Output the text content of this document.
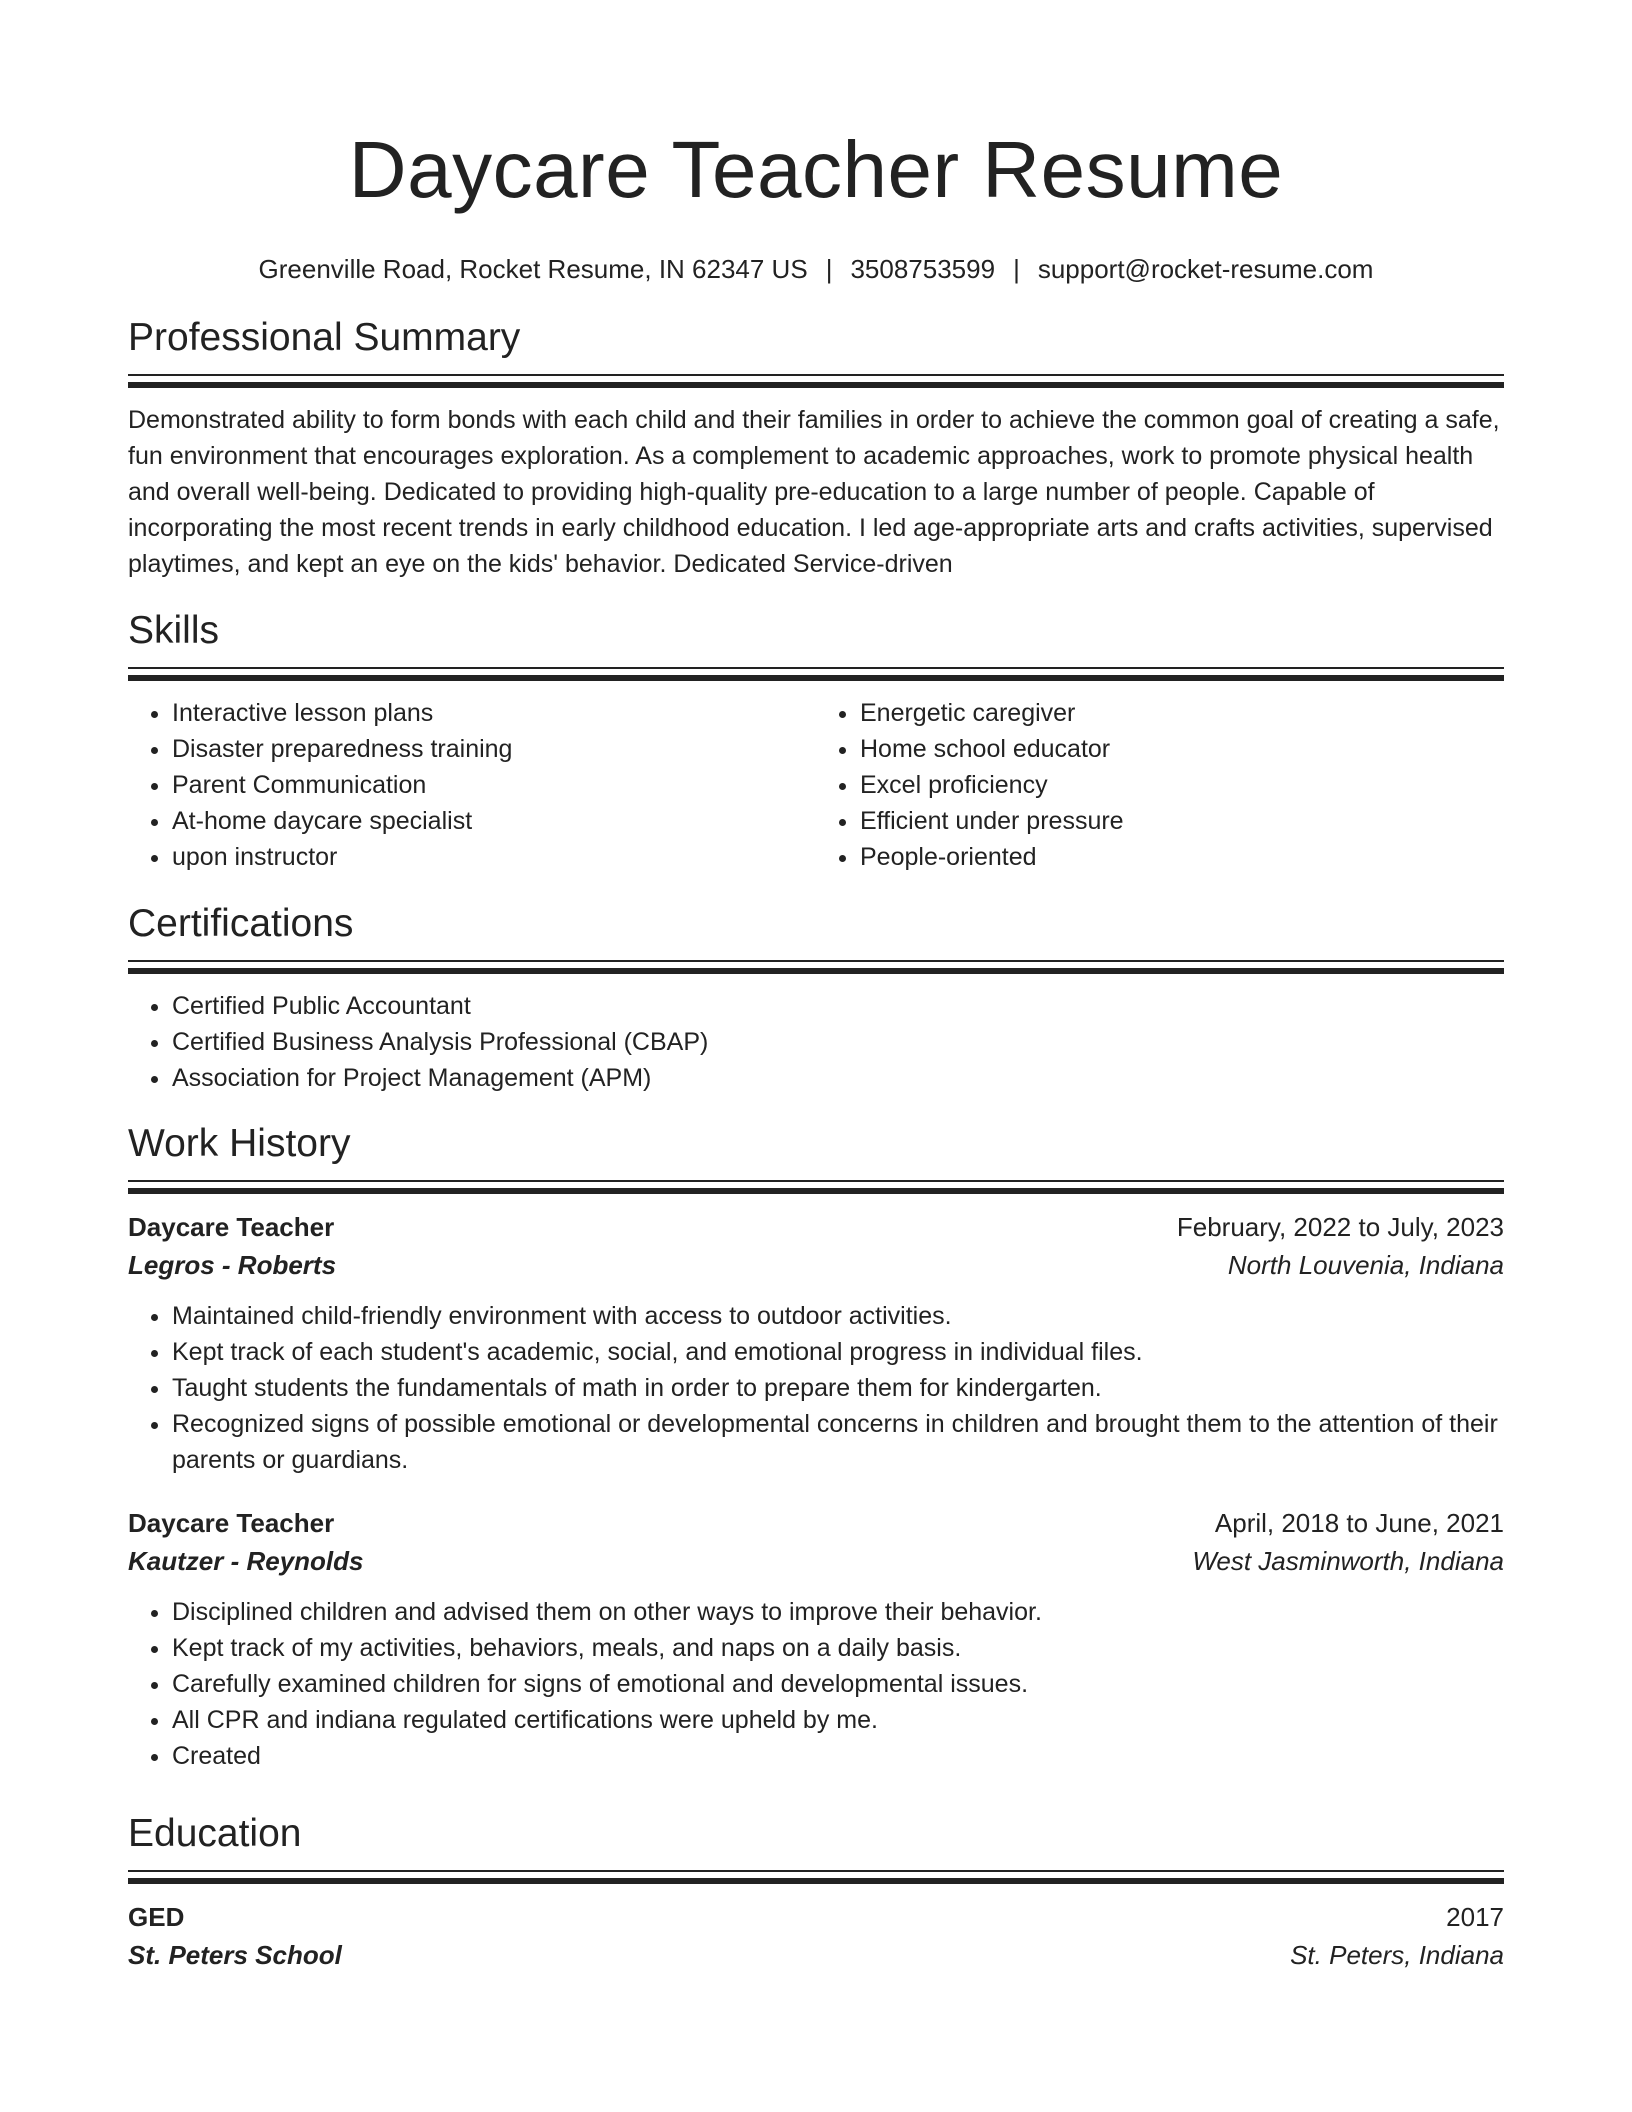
Daycare Teacher Resume
Greenville Road, Rocket Resume, IN 62347 US | 3508753599 | support@rocket-resume.com
Professional Summary
Demonstrated ability to form bonds with each child and their families in order to achieve the common goal of creating a safe, fun environment that encourages exploration. As a complement to academic approaches, work to promote physical health and overall well-being. Dedicated to providing high-quality pre-education to a large number of people. Capable of incorporating the most recent trends in early childhood education. I led age-appropriate arts and crafts activities, supervised playtimes, and kept an eye on the kids' behavior. Dedicated Service-driven
Skills
• Interactive lesson plans
• Disaster preparedness training
• Parent Communication
• At-home daycare specialist
• upon instructor
• Energetic caregiver
• Home school educator
• Excel proficiency
• Efficient under pressure
• People-oriented
Certifications
• Certified Public Accountant
• Certified Business Analysis Professional (CBAP)
• Association for Project Management (APM)
Work History
Daycare Teacher	February, 2022 to July, 2023
Legros - Roberts	North Louvenia, Indiana
• Maintained child-friendly environment with access to outdoor activities.
• Kept track of each student's academic, social, and emotional progress in individual files.
• Taught students the fundamentals of math in order to prepare them for kindergarten.
• Recognized signs of possible emotional or developmental concerns in children and brought them to the attention of their parents or guardians.
Daycare Teacher	April, 2018 to June, 2021
Kautzer - Reynolds	West Jasminworth, Indiana
• Disciplined children and advised them on other ways to improve their behavior.
• Kept track of my activities, behaviors, meals, and naps on a daily basis.
• Carefully examined children for signs of emotional and developmental issues.
• All CPR and indiana regulated certifications were upheld by me.
• Created
Education
GED	2017
St. Peters School	St. Peters, Indiana
